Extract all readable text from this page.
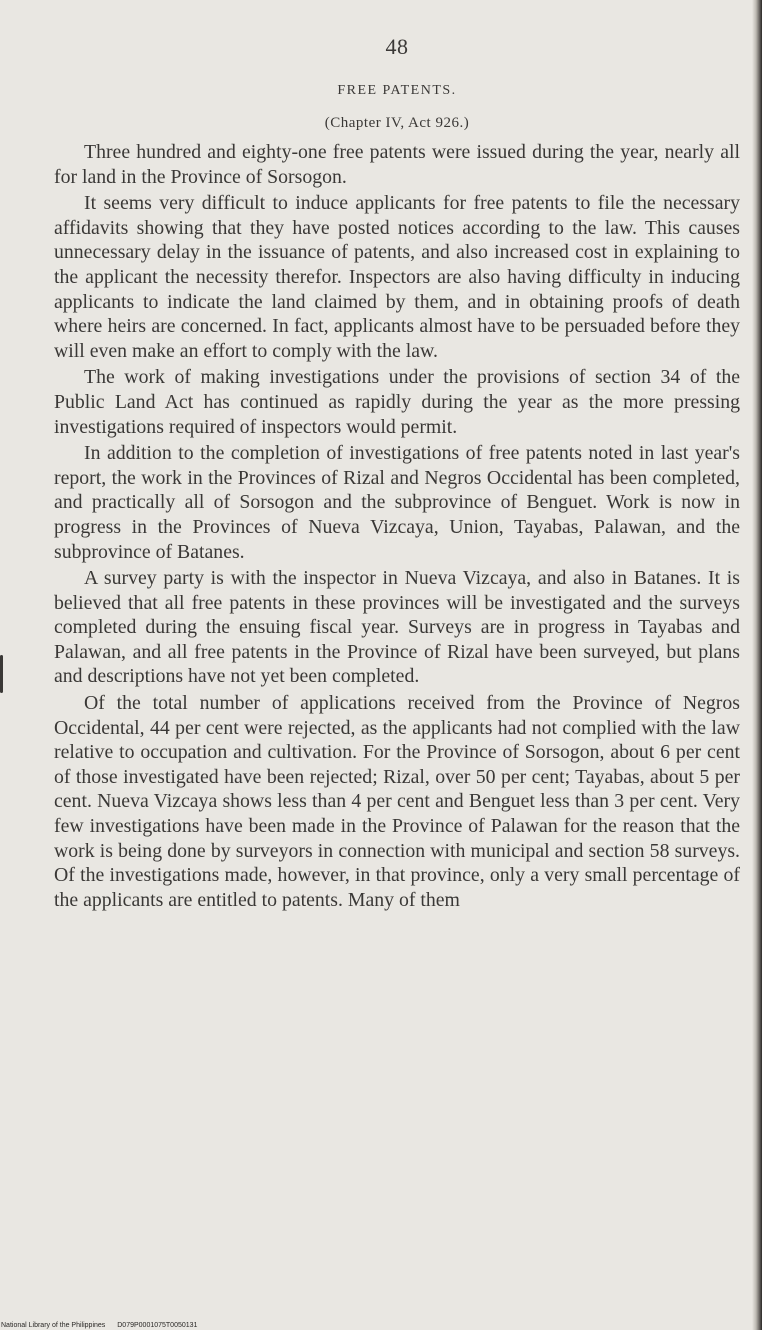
48
FREE PATENTS.
(Chapter IV, Act 926.)

Three hundred and eighty-one free patents were issued during the year, nearly all for land in the Province of Sorsogon.

It seems very difficult to induce applicants for free patents to file the necessary affidavits showing that they have posted notices according to the law. This causes unnecessary delay in the issuance of patents, and also increased cost in explaining to the applicant the necessity therefor. Inspectors are also having difficulty in inducing applicants to indicate the land claimed by them, and in obtaining proofs of death where heirs are concerned. In fact, applicants almost have to be persuaded before they will even make an effort to comply with the law.

The work of making investigations under the provisions of section 34 of the Public Land Act has continued as rapidly during the year as the more pressing investigations required of inspectors would permit.

In addition to the completion of investigations of free patents noted in last year's report, the work in the Provinces of Rizal and Negros Occidental has been completed, and practically all of Sorsogon and the subprovince of Benguet. Work is now in progress in the Provinces of Nueva Vizcaya, Union, Tayabas, Palawan, and the subprovince of Batanes.

A survey party is with the inspector in Nueva Vizcaya, and also in Batanes. It is believed that all free patents in these provinces will be investigated and the surveys completed during the ensuing fiscal year. Surveys are in progress in Tayabas and Palawan, and all free patents in the Province of Rizal have been surveyed, but plans and descriptions have not yet been completed.

Of the total number of applications received from the Province of Negros Occidental, 44 per cent were rejected, as the applicants had not complied with the law relative to occupation and cultivation. For the Province of Sorsogon, about 6 per cent of those investigated have been rejected; Rizal, over 50 per cent; Tayabas, about 5 per cent. Nueva Vizcaya shows less than 4 per cent and Benguet less than 3 per cent. Very few investigations have been made in the Province of Palawan for the reason that the work is being done by surveyors in connection with municipal and section 58 surveys. Of the investigations made, however, in that province, only a very small percentage of the applicants are entitled to patents. Many of them

National Library of the Philippines D079P0001075T0050131
